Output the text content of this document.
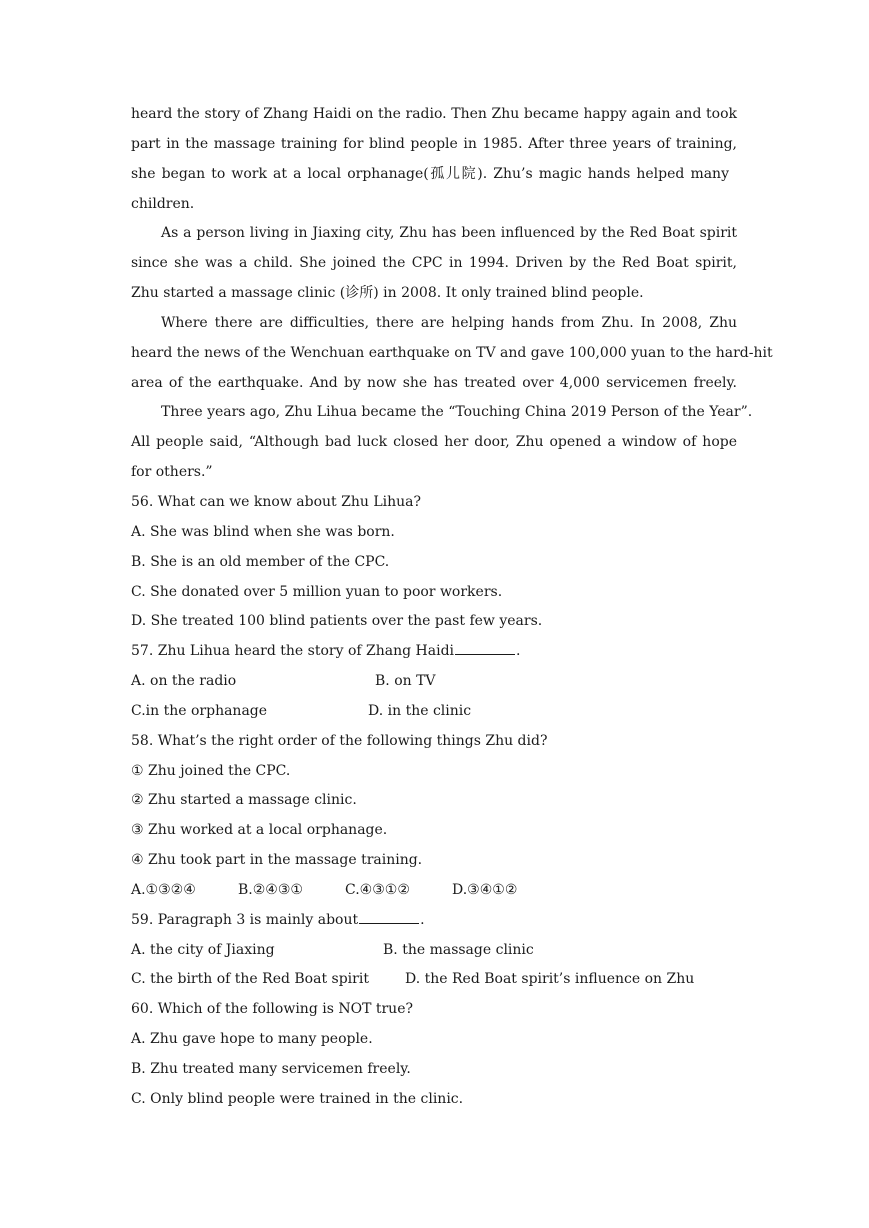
heard the story of Zhang Haidi on the radio. Then Zhu became happy again and took
part in the massage training for blind people in 1985. After three years of training,
she began to work at a local orphanage(孤儿院). Zhu’s magic hands helped many
children.
As a person living in Jiaxing city, Zhu has been influenced by the Red Boat spirit
since she was a child. She joined the CPC in 1994. Driven by the Red Boat spirit,
Zhu started a massage clinic (诊所) in 2008. It only trained blind people.
Where there are difficulties, there are helping hands from Zhu. In 2008, Zhu
heard the news of the Wenchuan earthquake on TV and gave 100,000 yuan to the hard-hit
area of the earthquake. And by now she has treated over 4,000 servicemen freely.
Three years ago, Zhu Lihua became the “Touching China 2019 Person of the Year”.
All people said, “Although bad luck closed her door, Zhu opened a window of hope
for others.”
56. What can we know about Zhu Lihua?
A. She was blind when she was born.
B. She is an old member of the CPC.
C. She donated over 5 million yuan to poor workers.
D. She treated 100 blind patients over the past few years.
57. Zhu Lihua heard the story of Zhang Haidi	.
A. on the radio	B. on TV
C.in the orphanage	D. in the clinic
58. What’s the right order of the following things Zhu did?
① Zhu joined the CPC.
② Zhu started a massage clinic.
③ Zhu worked at a local orphanage.
④ Zhu took part in the massage training.
A.①③②④	B.②④③①	C.④③①②	D.③④①②
59. Paragraph 3 is mainly about	.
A. the city of Jiaxing	B. the massage clinic
C. the birth of the Red Boat spirit	D. the Red Boat spirit’s influence on Zhu
60. Which of the following is NOT true?
A. Zhu gave hope to many people.
B. Zhu treated many servicemen freely.
C. Only blind people were trained in the clinic.
